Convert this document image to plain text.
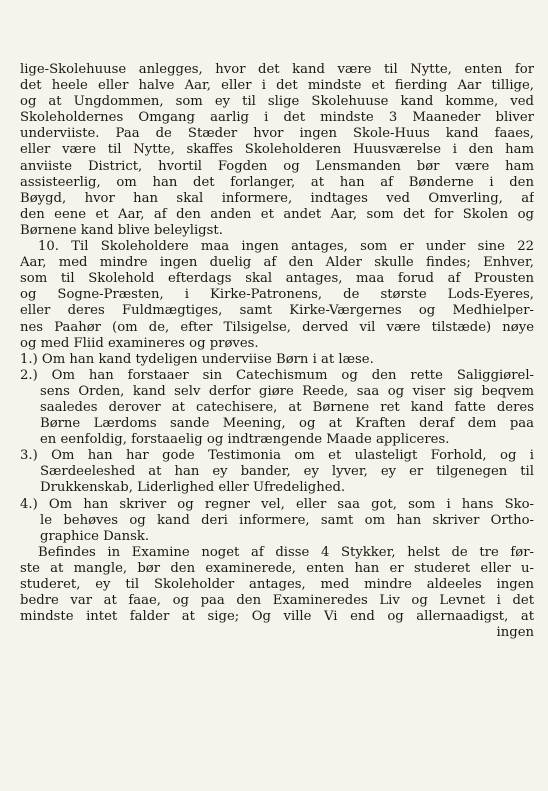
lige-Skolehuuse anlegges, hvor det kand være til Nytte, enten for
det heele eller halve Aar, eller i det mindste et fierding Aar tillige,
og at Ungdommen, som ey til slige Skolehuuse kand komme, ved
Skoleholdernes Omgang aarlig i det mindste 3 Maaneder bliver
underviiste. Paa de Stæder hvor ingen Skole-Huus kand faaes,
eller være til Nytte, skaffes Skoleholderen Huusværelse i den ham
anviiste District, hvortil Fogden og Lensmanden bør være ham
assisteerlig, om han det forlanger, at han af Bønderne i den
Bøygd, hvor han skal informere, indtages ved Omverling, af
den eene et Aar, af den anden et andet Aar, som det for Skolen og
Børnene kand blive beleyligst.
10. Til Skoleholdere maa ingen antages, som er under sine 22
Aar, med mindre ingen duelig af den Alder skulle findes; Enhver,
som til Skolehold efterdags skal antages, maa forud af Prousten
og Sogne-Præsten, i Kirke-Patronens, de største Lods-Eyeres,
eller deres Fuldmægtiges, samt Kirke-Værgernes og Medhielper-
nes Paahør (om de, efter Tilsigelse, derved vil være tilstæde) nøye
og med Fliid examineres og prøves.
1.) Om han kand tydeligen underviise Børn i at læse.
2.) Om han forstaaer sin Catechismum og den rette Saliggiørel-
sens Orden, kand selv derfor giøre Reede, saa og viser sig beqvem
saaledes derover at catechisere, at Børnene ret kand fatte deres
Børne Lærdoms sande Meening, og at Kraften deraf dem paa
en eenfoldig, forstaaelig og indtrængende Maade appliceres.
3.) Om han har gode Testimonia om et ulasteligt Forhold, og i
Særdeeleshed at han ey bander, ey lyver, ey er tilgenegen til
Drukkenskab, Liderlighed eller Ufredelighed.
4.) Om han skriver og regner vel, eller saa got, som i hans Sko-
le behøves og kand deri informere, samt om han skriver Ortho-
graphice Dansk.
Befindes in Examine noget af disse 4 Stykker, helst de tre før-
ste at mangle, bør den examinerede, enten han er studeret eller u-
studeret, ey til Skoleholder antages, med mindre aldeeles ingen
bedre var at faae, og paa den Examineredes Liv og Levnet i det
mindste intet falder at sige; Og ville Vi end og allernaadigst, at
ingen
